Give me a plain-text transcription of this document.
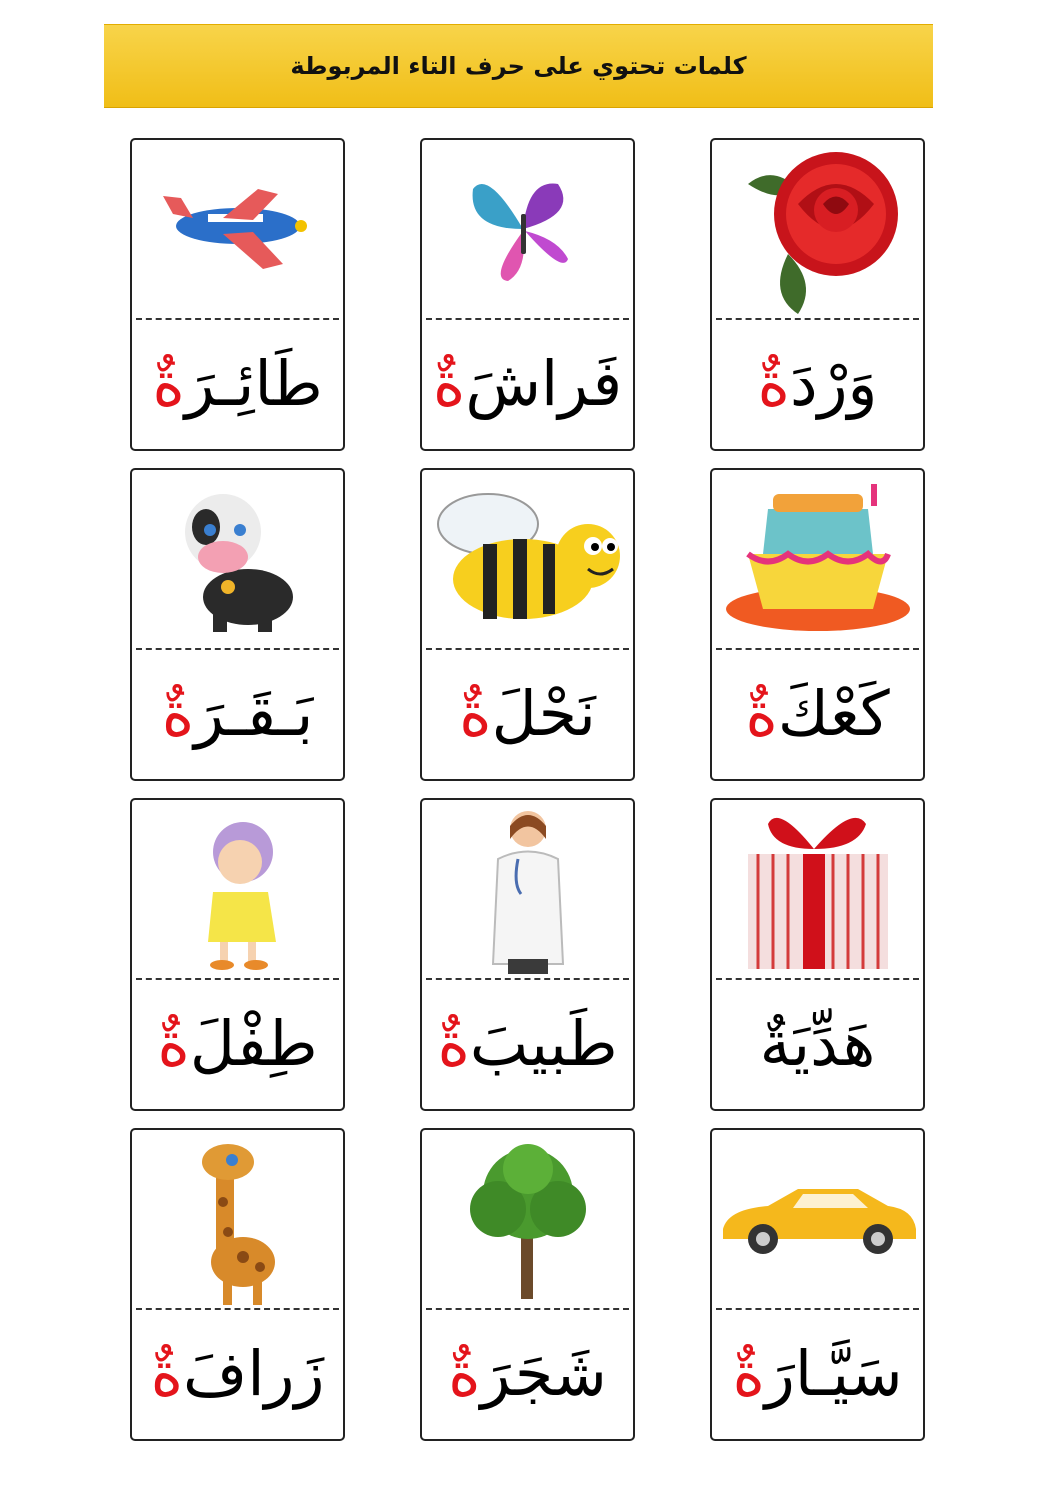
كلمات تحتوي على حرف التاء المربوطة
وَرْدَ
ةٌ
فَراشَ
ةٌ
طَائِـرَ
ةٌ
كَعْكَ
ةٌ
نَحْلَ
ةٌ
بَـقَـرَ
ةٌ
هَدِّيَةٌ
طَبيبَ
ةٌ
طِفْلَ
ةٌ
سَيَّـارَ
ةٌ
شَجَرَ
ةٌ
زَرافَ
ةٌ
